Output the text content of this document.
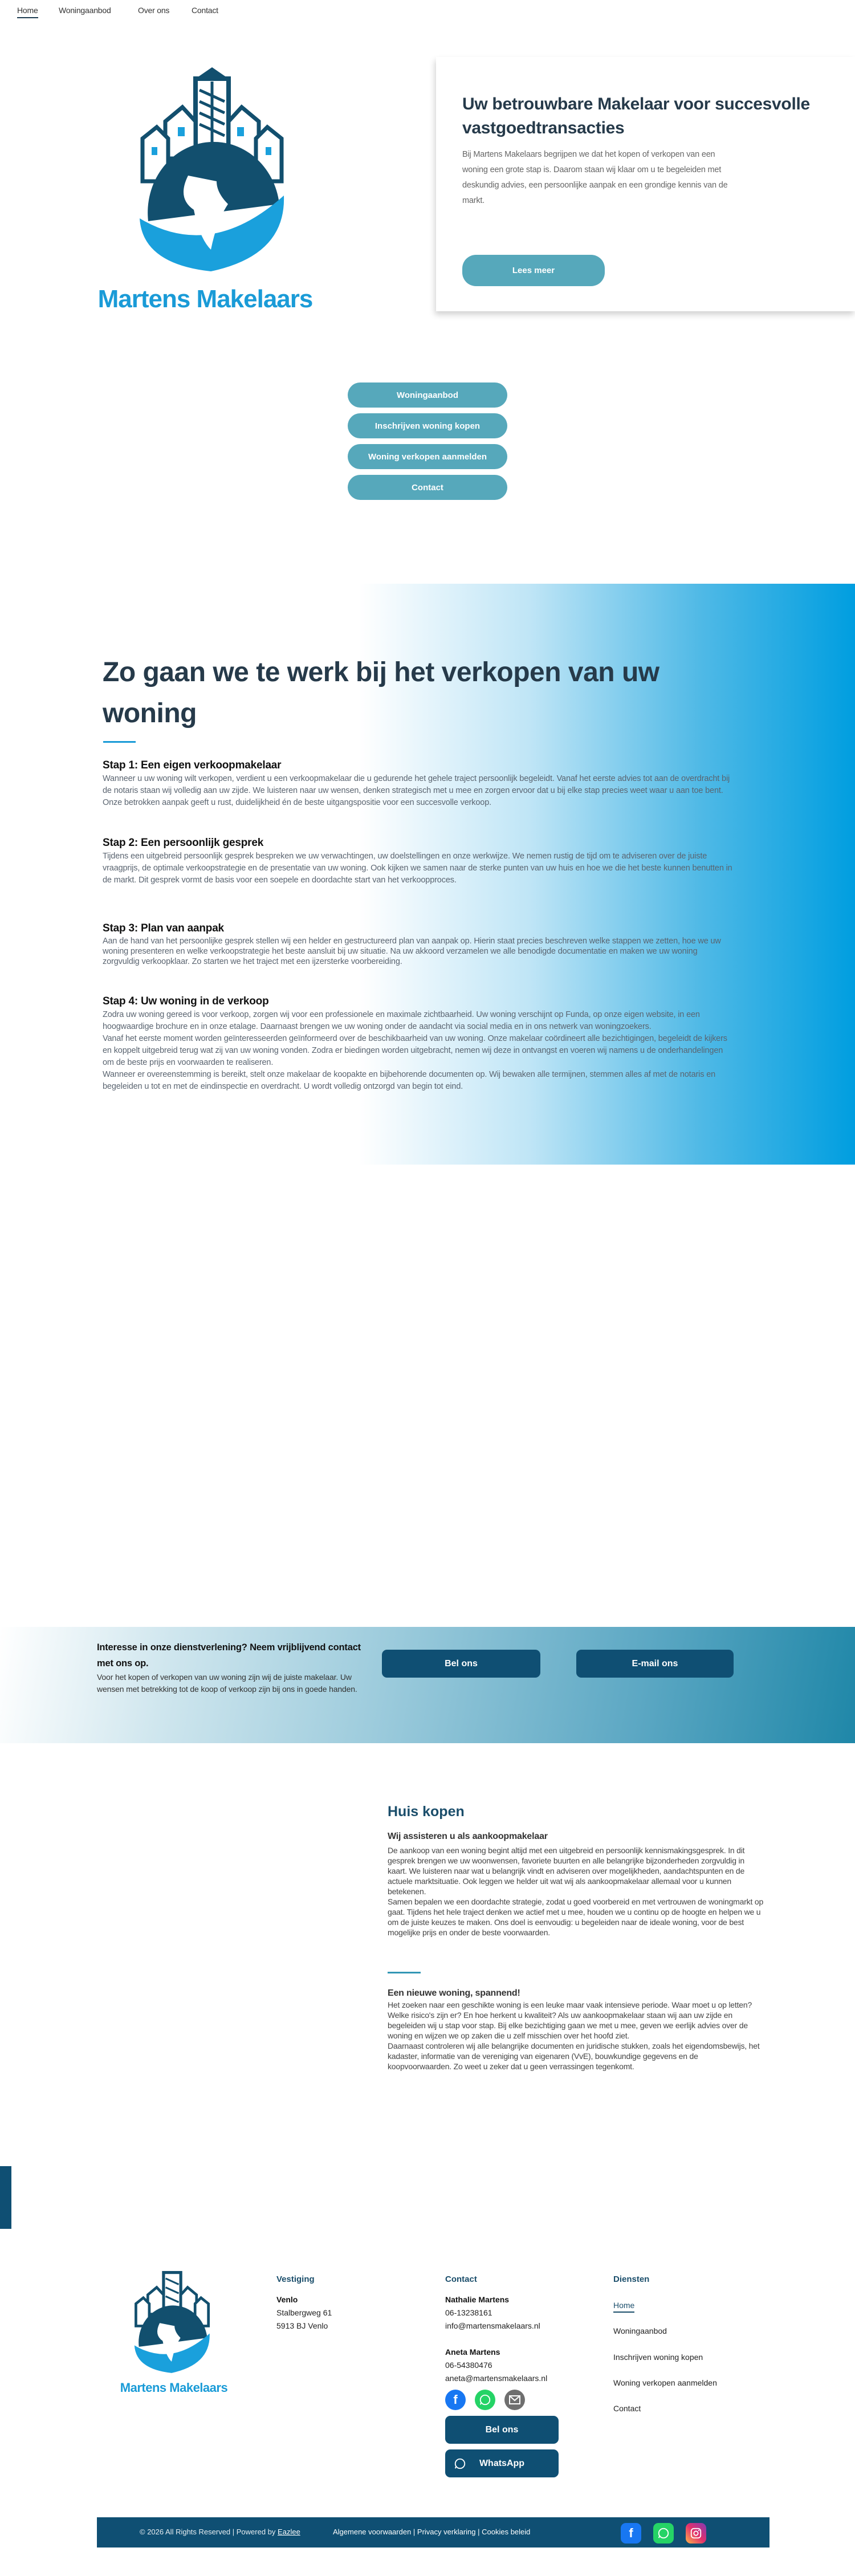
Home	Woningaanbod	Over ons	Contact
Martens Makelaars
Uw betrouwbare Makelaar voor succesvolle vastgoedtransacties

Bij Martens Makelaars begrijpen we dat het kopen of verkopen van een woning een grote stap is. Daarom staan wij klaar om u te begeleiden met deskundig advies, een persoonlijke aanpak en een grondige kennis van de markt.

Lees meer
Woningaanbod
Inschrijven woning kopen
Woning verkopen aanmelden
Contact
Zo gaan we te werk bij het verkopen van uw woning
Stap 1: Een eigen verkoopmakelaar

Wanneer u uw woning wilt verkopen, verdient u een verkoopmakelaar die u gedurende het gehele traject persoonlijk begeleidt. Vanaf het eerste advies tot aan de overdracht bij de notaris staan wij volledig aan uw zijde. We luisteren naar uw wensen, denken strategisch met u mee en zorgen ervoor dat u bij elke stap precies weet waar u aan toe bent. Onze betrokken aanpak geeft u rust, duidelijkheid én de beste uitgangspositie voor een succesvolle verkoop.

Stap 2: Een persoonlijk gesprek

Tijdens een uitgebreid persoonlijk gesprek bespreken we uw verwachtingen, uw doelstellingen en onze werkwijze. We nemen rustig de tijd om te adviseren over de juiste vraagprijs, de optimale verkoopstrategie en de presentatie van uw woning. Ook kijken we samen naar de sterke punten van uw huis en hoe we die het beste kunnen benutten in de markt. Dit gesprek vormt de basis voor een soepele en doordachte start van het verkoopproces.

Stap 3: Plan van aanpak

Aan de hand van het persoonlijke gesprek stellen wij een helder en gestructureerd plan van aanpak op. Hierin staat precies beschreven welke stappen we zetten, hoe we uw woning presenteren en welke verkoopstrategie het beste aansluit bij uw situatie. Na uw akkoord verzamelen we alle benodigde documentatie en maken we uw woning zorgvuldig verkoopklaar. Zo starten we het traject met een ijzersterke voorbereiding.

Stap 4: Uw woning in de verkoop

Zodra uw woning gereed is voor verkoop, zorgen wij voor een professionele en maximale zichtbaarheid. Uw woning verschijnt op Funda, op onze eigen website, in een hoogwaardige brochure en in onze etalage. Daarnaast brengen we uw woning onder de aandacht via social media en in ons netwerk van woningzoekers.

Vanaf het eerste moment worden geïnteresseerden geïnformeerd over de beschikbaarheid van uw woning. Onze makelaar coördineert alle bezichtigingen, begeleidt de kijkers en koppelt uitgebreid terug wat zij van uw woning vonden. Zodra er biedingen worden uitgebracht, nemen wij deze in ontvangst en voeren wij namens u de onderhandelingen om de beste prijs en voorwaarden te realiseren.

Wanneer er overeenstemming is bereikt, stelt onze makelaar de koopakte en bijbehorende documenten op. Wij bewaken alle termijnen, stemmen alles af met de notaris en begeleiden u tot en met de eindinspectie en overdracht. U wordt volledig ontzorgd van begin tot eind.

Interesse in onze dienstverlening? Neem vrijblijvend contact met ons op.

Voor het kopen of verkopen van uw woning zijn wij de juiste makelaar. Uw wensen met betrekking tot de koop of verkoop zijn bij ons in goede handen.

Bel ons	E-mail ons
Huis kopen
Wij assisteren u als aankoopmakelaar

De aankoop van een woning begint altijd met een uitgebreid en persoonlijk kennismakingsgesprek. In dit gesprek brengen we uw woonwensen, favoriete buurten en alle belangrijke bijzonderheden zorgvuldig in kaart. We luisteren naar wat u belangrijk vindt en adviseren over mogelijkheden, aandachtspunten en de actuele marktsituatie. Ook leggen we helder uit wat wij als aankoopmakelaar allemaal voor u kunnen betekenen.

Samen bepalen we een doordachte strategie, zodat u goed voorbereid en met vertrouwen de woningmarkt op gaat. Tijdens het hele traject denken we actief met u mee, houden we u continu op de hoogte en helpen we u om de juiste keuzes te maken. Ons doel is eenvoudig: u begeleiden naar de ideale woning, voor de best mogelijke prijs en onder de beste voorwaarden.

Een nieuwe woning, spannend!

Het zoeken naar een geschikte woning is een leuke maar vaak intensieve periode. Waar moet u op letten? Welke risico's zijn er? En hoe herkent u kwaliteit? Als uw aankoopmakelaar staan wij aan uw zijde en begeleiden wij u stap voor stap. Bij elke bezichtiging gaan we met u mee, geven we eerlijk advies over de woning en wijzen we op zaken die u zelf misschien over het hoofd ziet.

Daarnaast controleren wij alle belangrijke documenten en juridische stukken, zoals het eigendomsbewijs, het kadaster, informatie van de vereniging van eigenaren (VvE), bouwkundige gegevens en de koopvoorwaarden. Zo weet u zeker dat u geen verrassingen tegenkomt.

Martens Makelaars
Vestiging
Venlo
Stalbergweg 61
5913 BJ Venlo
Contact
Nathalie Martens
06-13238161
info@martensmakelaars.nl
Aneta Martens
06-54380476
aneta@martensmakelaars.nl
f
Bel ons
WhatsApp
Diensten
Home
Woningaanbod
Inschrijven woning kopen
Woning verkopen aanmelden
Contact
© 2026 All Rights Reserved | Powered by Eazlee	Algemene voorwaarden | Privacy verklaring | Cookies beleid	f
